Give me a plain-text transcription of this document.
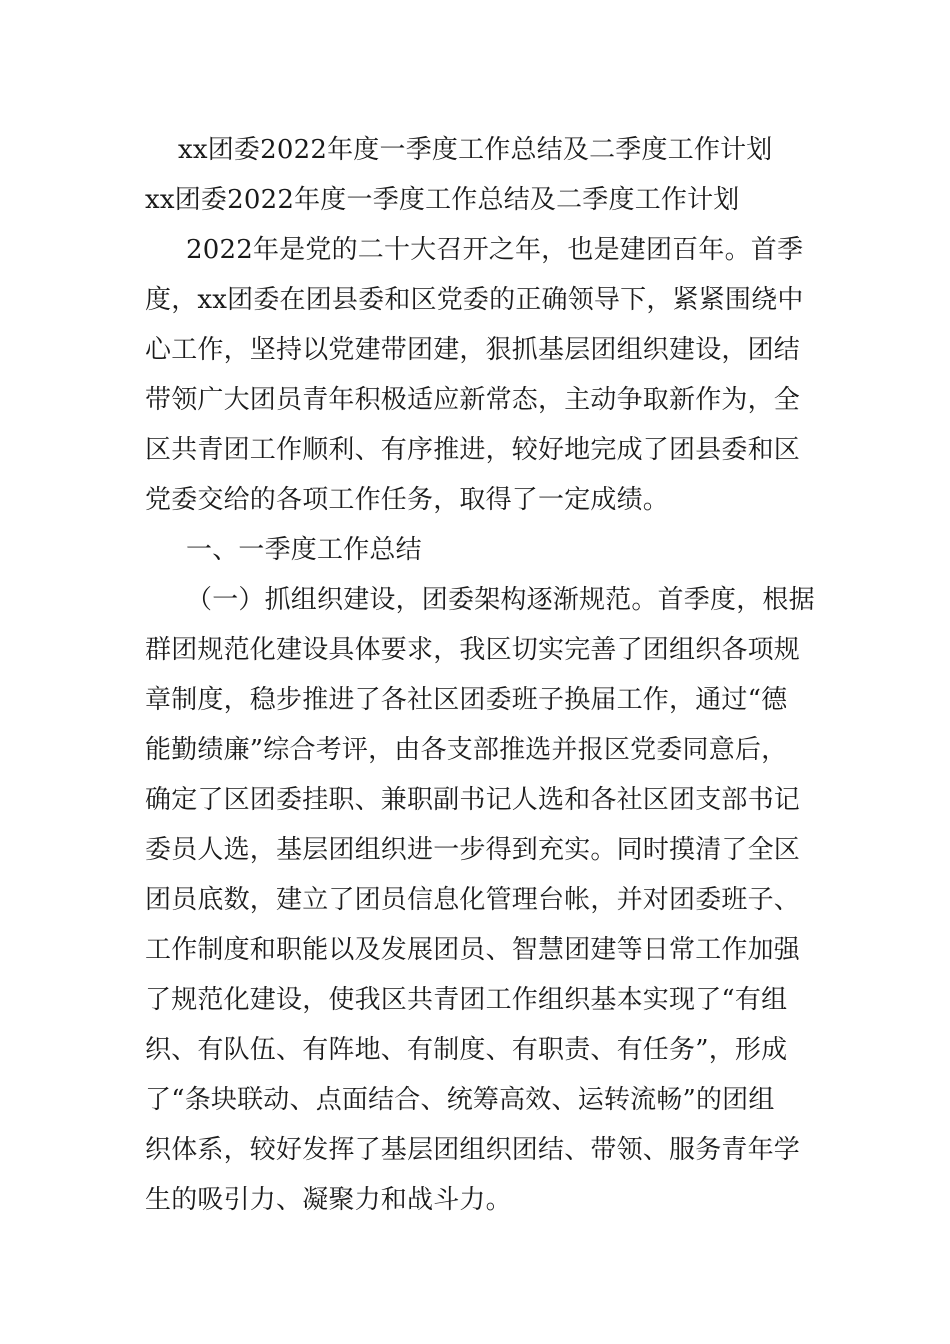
xx团委2022年度一季度工作总结及二季度工作计划
xx团委2022年度一季度工作总结及二季度工作计划
2022年是党的二十大召开之年，也是建团百年。首季
度，xx团委在团县委和区党委的正确领导下，紧紧围绕中
心工作，坚持以党建带团建，狠抓基层团组织建设，团结
带领广大团员青年积极适应新常态，主动争取新作为，全
区共青团工作顺利、有序推进，较好地完成了团县委和区
党委交给的各项工作任务，取得了一定成绩。
一、一季度工作总结
（一）抓组织建设，团委架构逐渐规范。首季度，根据
群团规范化建设具体要求，我区切实完善了团组织各项规
章制度，稳步推进了各社区团委班子换届工作，通过“德
能勤绩廉”综合考评，由各支部推选并报区党委同意后，
确定了区团委挂职、兼职副书记人选和各社区团支部书记
委员人选，基层团组织进一步得到充实。同时摸清了全区
团员底数，建立了团员信息化管理台帐，并对团委班子、
工作制度和职能以及发展团员、智慧团建等日常工作加强
了规范化建设，使我区共青团工作组织基本实现了“有组
织、有队伍、有阵地、有制度、有职责、有任务”，形成
了“条块联动、点面结合、统筹高效、运转流畅”的团组
织体系，较好发挥了基层团组织团结、带领、服务青年学
生的吸引力、凝聚力和战斗力。
